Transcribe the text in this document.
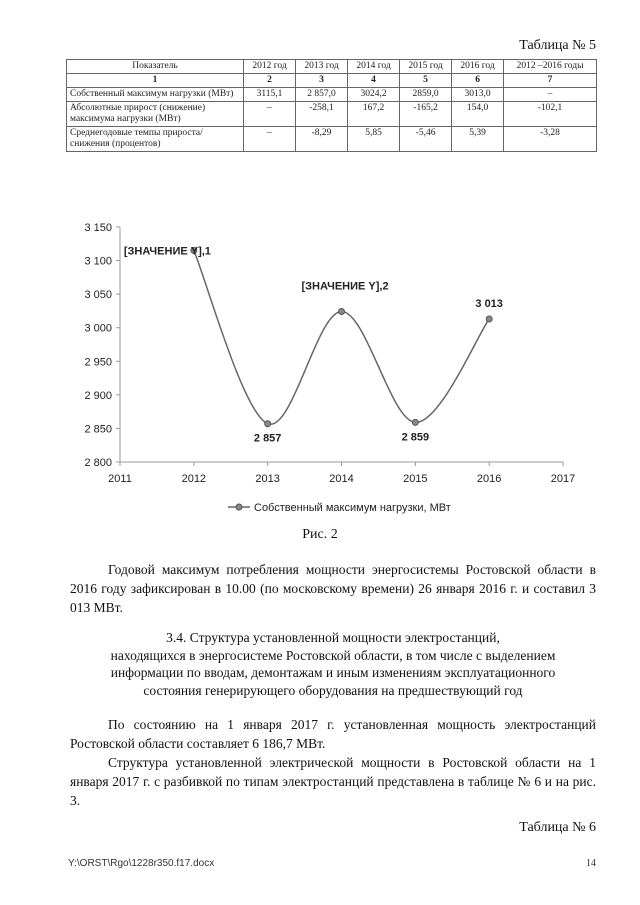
Таблица № 5
Показатель	2012 год	2013 год	2014 год	2015 год	2016 год	2012 –2016 годы
1	2	3	4	5	6	7
Собственный максимум нагрузки (МВт)	3115,1	2 857,0	3024,2	2859,0	3013,0	–
Абсолютные прирост (снижение) максимума нагрузки (МВт)	–	-258,1	167,2	-165,2	154,0	-102,1
Среднегодовые темпы прироста/снижения (процентов)	–	-8,29	5,85	-5,46	5,39	-3,28
2 800
2 850
2 900
2 950
3 000
3 050
3 100
3 150
2011	2012	2013	2014	2015	2016	2017
[ЗНАЧЕНИЕ Y],1
2 857
[ЗНАЧЕНИЕ Y],2
2 859
3 013
Собственный максимум нагрузки, МВт
Рис. 2
Годовой максимум потребления мощности энергосистемы Ростовской области в 2016 году зафиксирован в 10.00 (по московскому времени) 26 января 2016 г. и составил 3 013 МВт.
3.4. Структура установленной мощности электростанций,
находящихся в энергосистеме Ростовской области, в том числе с выделением
информации по вводам, демонтажам и иным изменениям эксплуатационного
состояния генерирующего оборудования на предшествующий год
По состоянию на 1 января 2017 г. установленная мощность электростанций Ростовской области составляет 6 186,7 МВт.
Структура установленной электрической мощности в Ростовской области на 1 января 2017 г. с разбивкой по типам электростанций представлена в таблице № 6 и на рис. 3.
Таблица № 6
Y:\ORST\Rgo\1228r350.f17.docx	14
